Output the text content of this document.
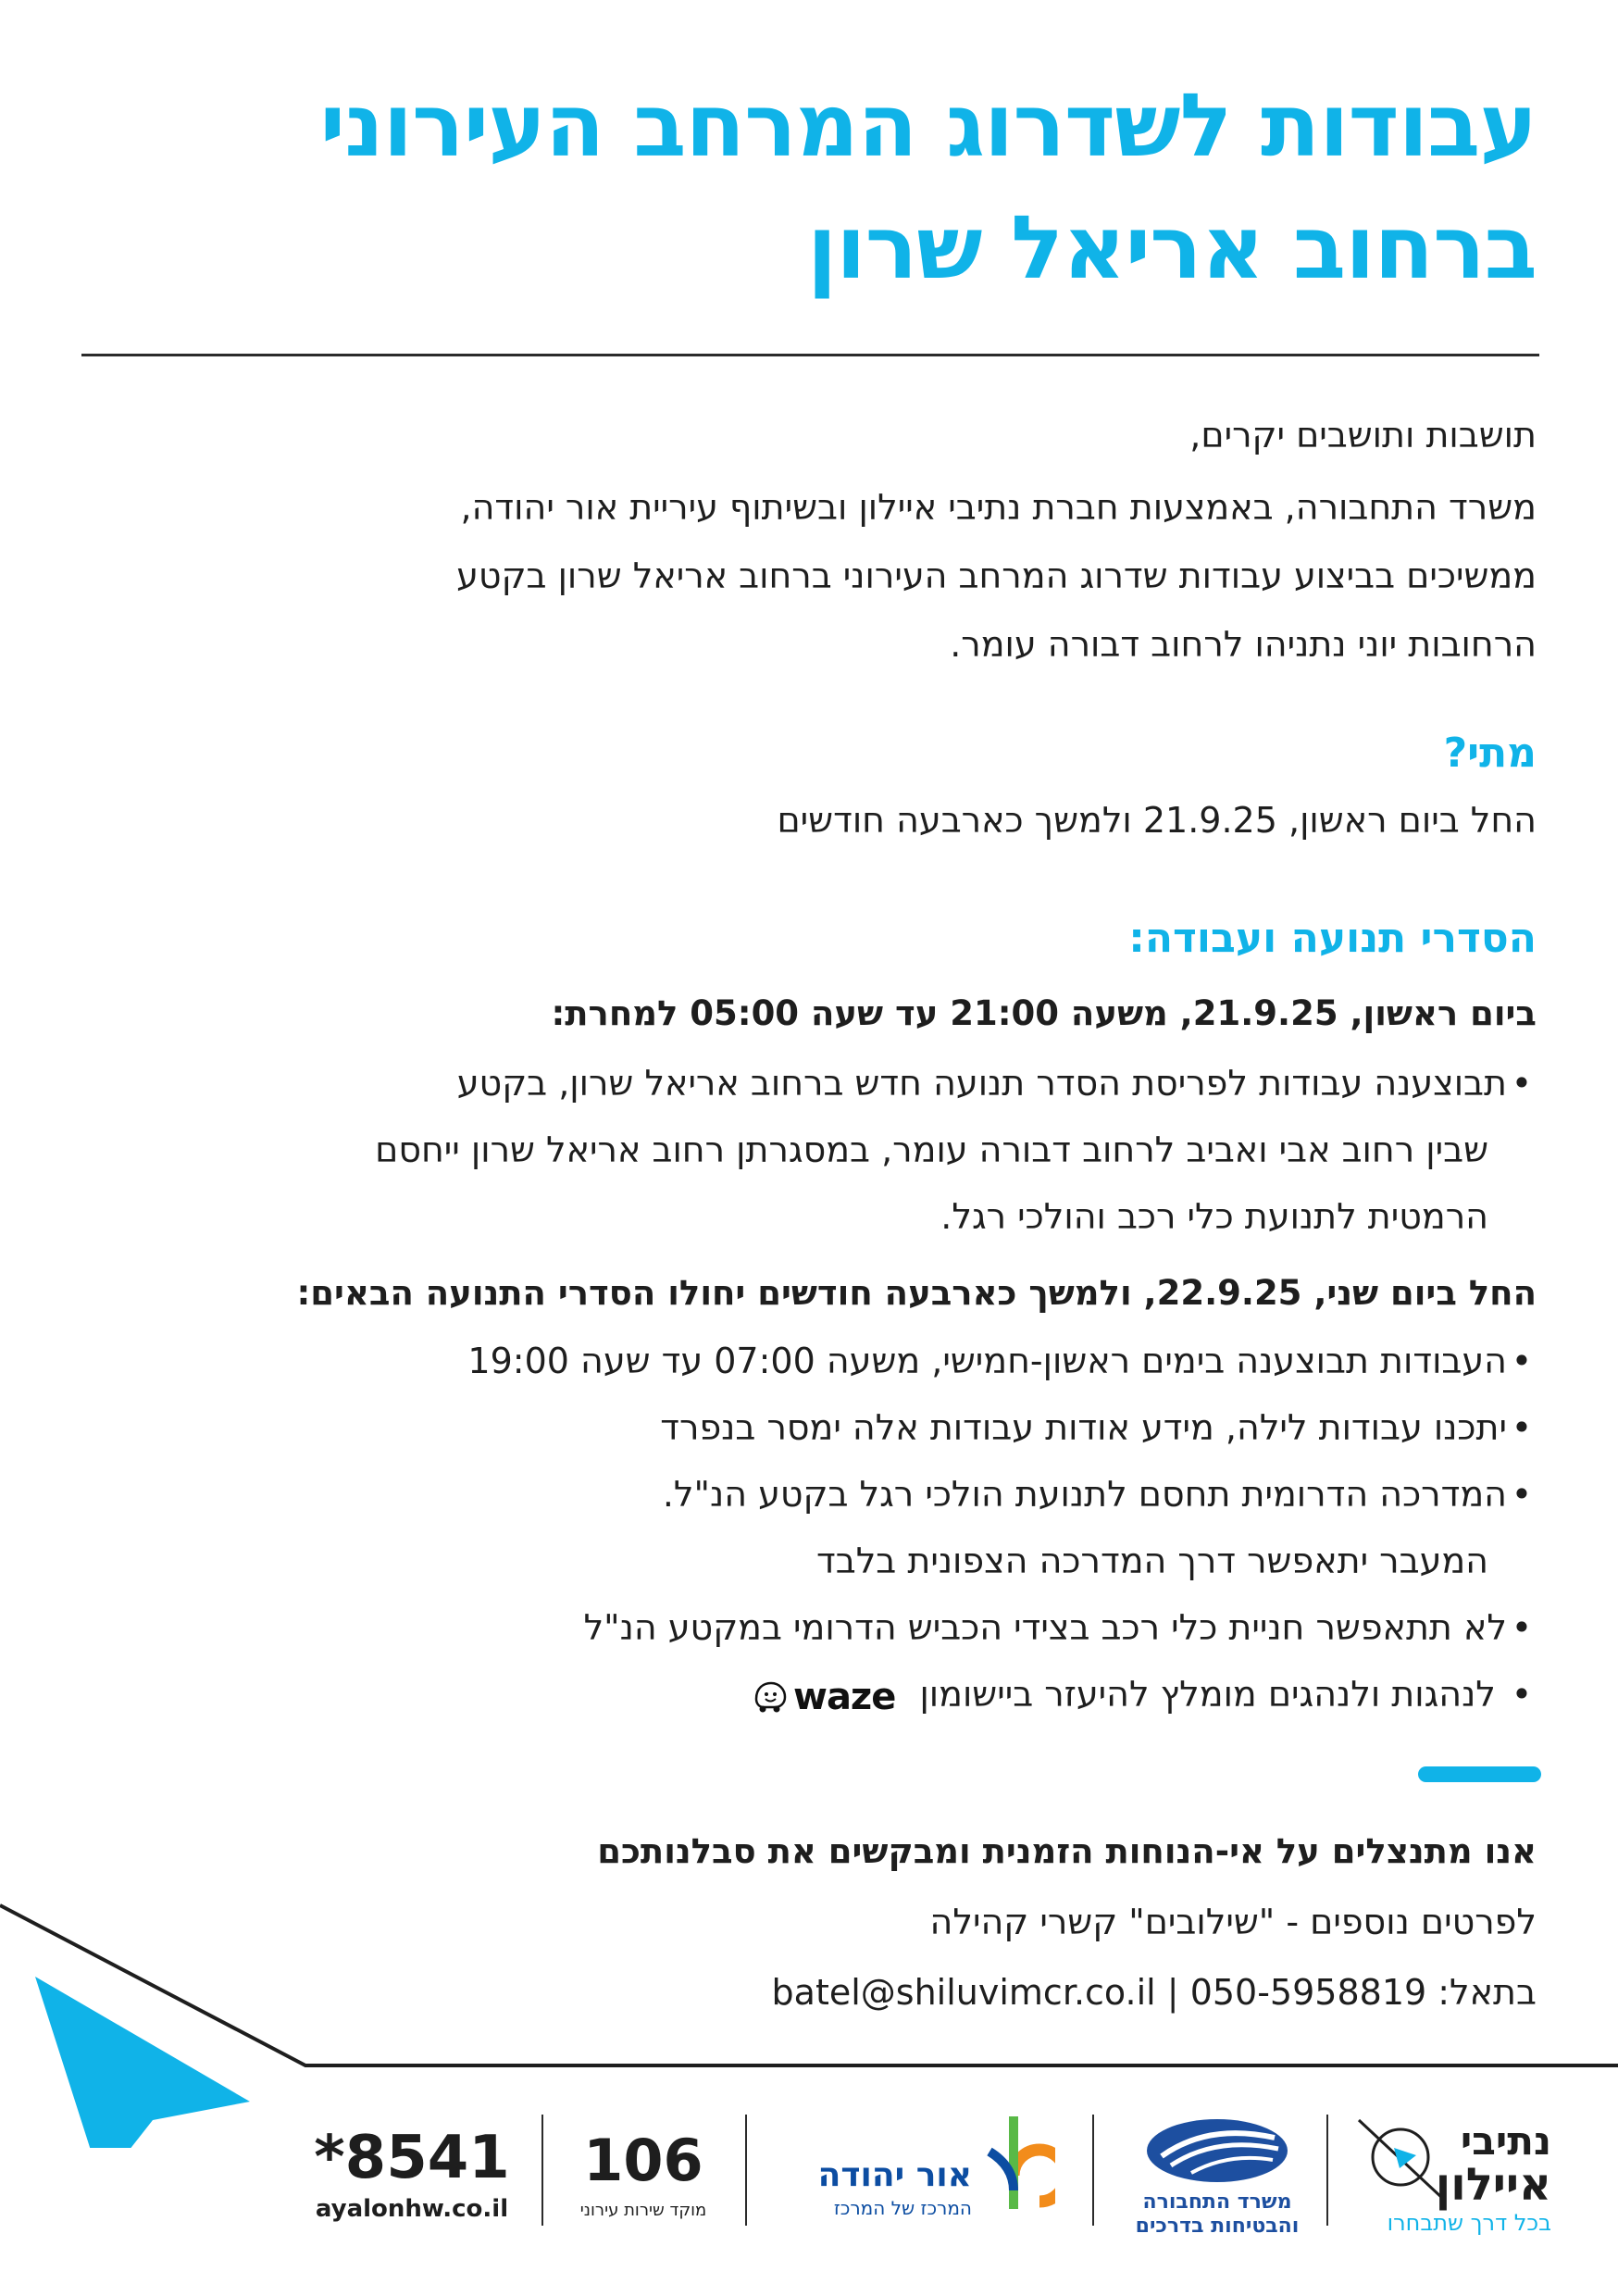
עבודות לשדרוג המרחב העירוני
ברחוב אריאל שרון
תושבות ותושבים יקרים,
משרד התחבורה, באמצעות חברת נתיבי איילון ובשיתוף עיריית אור יהודה,
ממשיכים בביצוע עבודות שדרוג המרחב העירוני ברחוב אריאל שרון בקטע
הרחובות יוני נתניהו לרחוב דבורה עומר.
מתי?
החל ביום ראשון, 21.9.25 ולמשך כארבעה חודשים
הסדרי תנועה ועבודה:
ביום ראשון, 21.9.25, משעה 21:00 עד שעה 05:00 למחרת:
• תבוצענה עבודות לפריסת הסדר תנועה חדש ברחוב אריאל שרון, בקטע
שבין רחוב אבי ואביב לרחוב דבורה עומר, במסגרתן רחוב אריאל שרון ייחסם
הרמטית לתנועת כלי רכב והולכי רגל.
החל ביום שני, 22.9.25, ולמשך כארבעה חודשים יחולו הסדרי התנועה הבאים:
• העבודות תבוצענה בימים ראשון-חמישי, משעה 07:00 עד שעה 19:00
• יתכנו עבודות לילה, מידע אודות עבודות אלה ימסר בנפרד
• המדרכה הדרומית תחסם לתנועת הולכי רגל בקטע הנ"ל.
המעבר יתאפשר דרך המדרכה הצפונית בלבד
• לא תתאפשר חניית כלי רכב בצידי הכביש הדרומי במקטע הנ"ל
• לנהגות ולנהגים מומלץ להיעזר ביישומון
waze
אנו מתנצלים על אי-הנוחות הזמנית ומבקשים את סבלנותכם
לפרטים נוספים - "שילובים" קשרי קהילה
בתאל: 050-5958819 | batel@shiluvimcr.co.il
נתיבי
איילון
בכל דרך שתבחרו
משרד התחבורה
והבטיחות בדרכים
אור יהודה
המרכז של המרכז
106
מוקד שירות עירוני
*8541
ayalonhw.co.il
